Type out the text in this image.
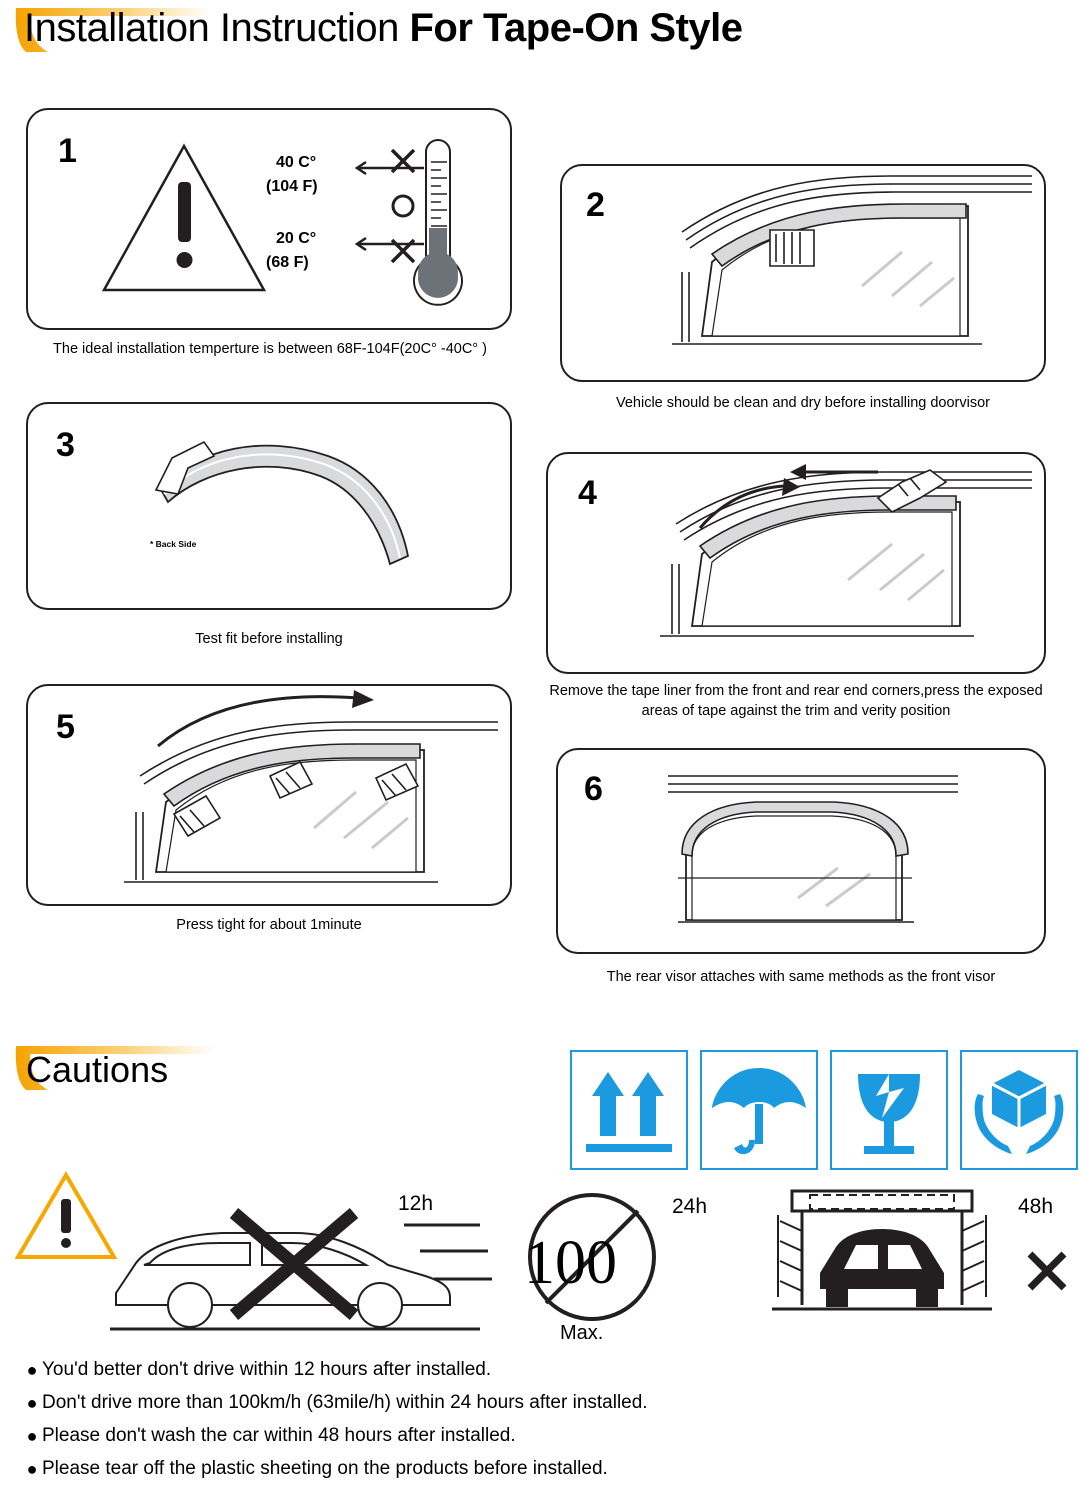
Installation Instruction For Tape-On Style
1	40 C°
(104 F)
20 C°
(68 F)
The ideal installation temperture is between 68F-104F(20C° -40C° )
2
Vehicle should be clean and dry before installing doorvisor
3
* Back Side
Test fit before installing
4
Remove the tape liner from the front and rear end corners,press the exposed areas of tape against the trim and verity position
5
Press tight for about 1minute
6
The rear visor attaches with same methods as the front visor
Cautions
12h
100
Max.
24h	48h
● You'd better don't drive within 12 hours after installed.
● Don't drive more than 100km/h (63mile/h) within 24 hours after installed.
● Please don't wash the car within 48 hours after installed.
● Please tear off the plastic sheeting on the products before installed.
